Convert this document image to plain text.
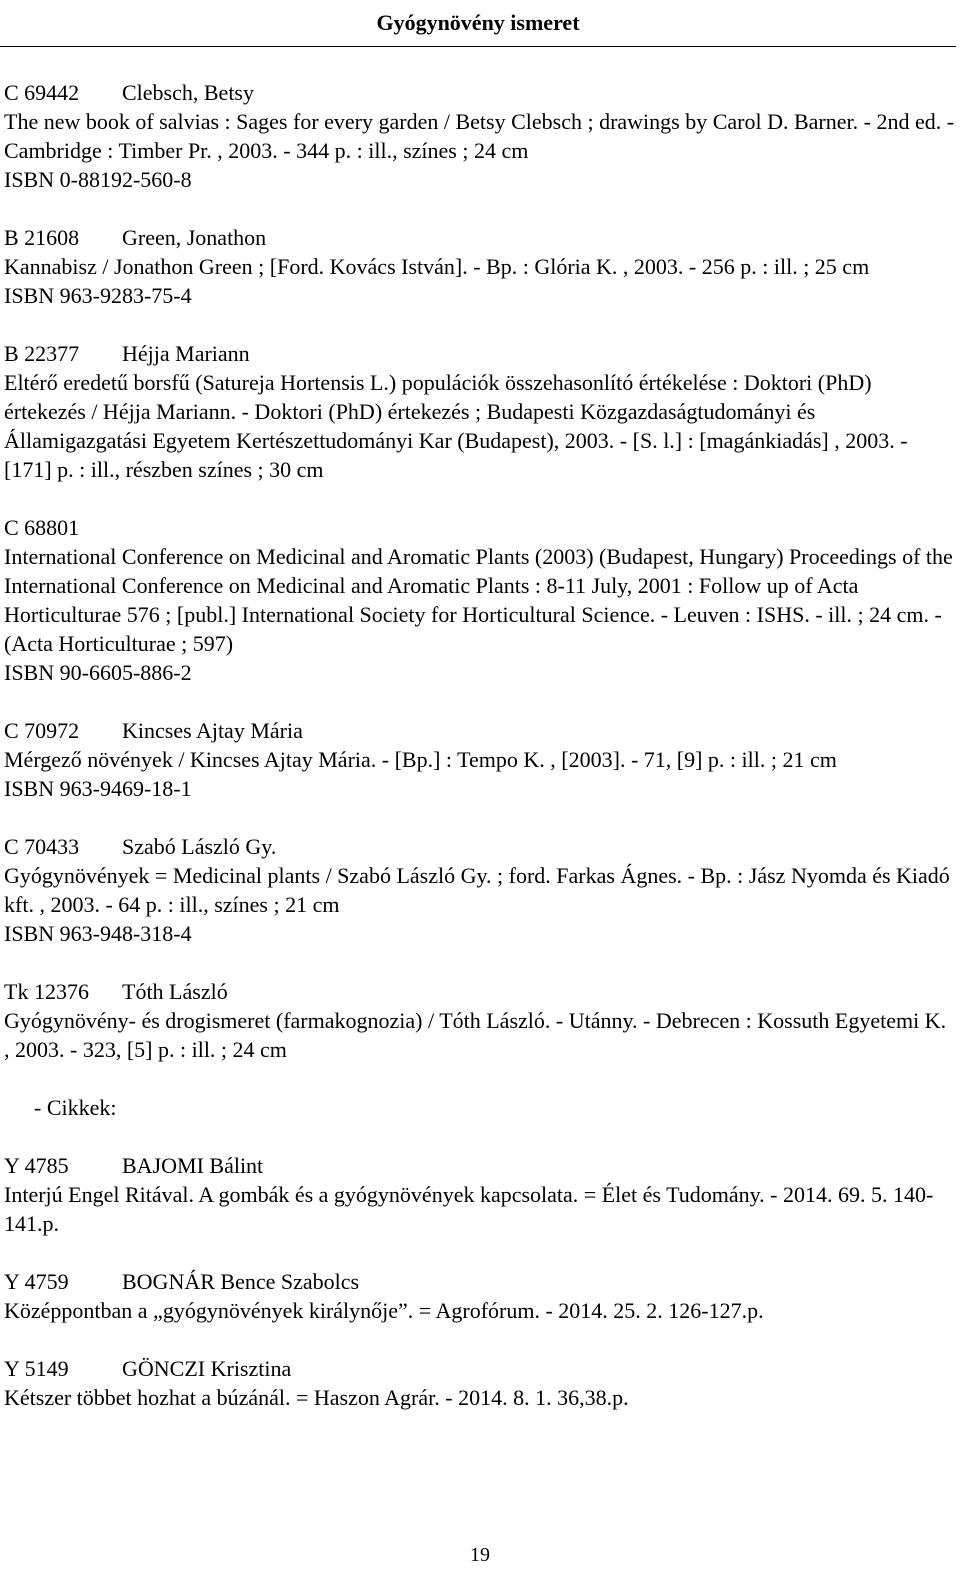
Gyógynövény ismeret

C 69442 Clebsch, Betsy

The new book of salvias : Sages for every garden / Betsy Clebsch ; drawings by Carol D. Barner. - 2nd ed. - Cambridge : Timber Pr. , 2003. - 344 p. : ill., színes ; 24 cm

ISBN 0-88192-560-8

B 21608 Green, Jonathon

Kannabisz / Jonathon Green ; [Ford. Kovács István]. - Bp. : Glória K. , 2003. - 256 p. : ill. ; 25 cm

ISBN 963-9283-75-4

B 22377 Héjja Mariann

Eltérő eredetű borsfű (Satureja Hortensis L.) populációk összehasonlító értékelése : Doktori (PhD) értekezés / Héjja Mariann. - Doktori (PhD) értekezés ; Budapesti Közgazdaságtudományi és Államigazgatási Egyetem Kertészettudományi Kar (Budapest), 2003. - [S. l.] : [magánkiadás] , 2003. - [171] p. : ill., részben színes ; 30 cm

C 68801

International Conference on Medicinal and Aromatic Plants (2003) (Budapest, Hungary) Proceedings of the International Conference on Medicinal and Aromatic Plants : 8-11 July, 2001 : Follow up of Acta Horticulturae 576 ; [publ.] International Society for Horticultural Science. - Leuven : ISHS. - ill. ; 24 cm. - (Acta Horticulturae ; 597)

ISBN 90-6605-886-2

C 70972 Kincses Ajtay Mária

Mérgező növények / Kincses Ajtay Mária. - [Bp.] : Tempo K. , [2003]. - 71, [9] p. : ill. ; 21 cm

ISBN 963-9469-18-1

C 70433 Szabó László Gy.

Gyógynövények = Medicinal plants / Szabó László Gy. ; ford. Farkas Ágnes. - Bp. : Jász Nyomda és Kiadó kft. , 2003. - 64 p. : ill., színes ; 21 cm

ISBN 963-948-318-4

Tk 12376 Tóth László

Gyógynövény- és drogismeret (farmakognozia) / Tóth László. - Utánny. - Debrecen : Kossuth Egyetemi K. , 2003. - 323, [5] p. : ill. ; 24 cm

- Cikkek:

Y 4785 BAJOMI Bálint

Interjú Engel Ritával. A gombák és a gyógynövények kapcsolata. = Élet és Tudomány. - 2014. 69. 5. 140-141.p.

Y 4759 BOGNÁR Bence Szabolcs

Középpontban a „gyógynövények királynője”. = Agrofórum. - 2014. 25. 2. 126-127.p.

Y 5149 GÖNCZI Krisztina

Kétszer többet hozhat a búzánál. = Haszon Agrár. - 2014. 8. 1. 36,38.p.

19
